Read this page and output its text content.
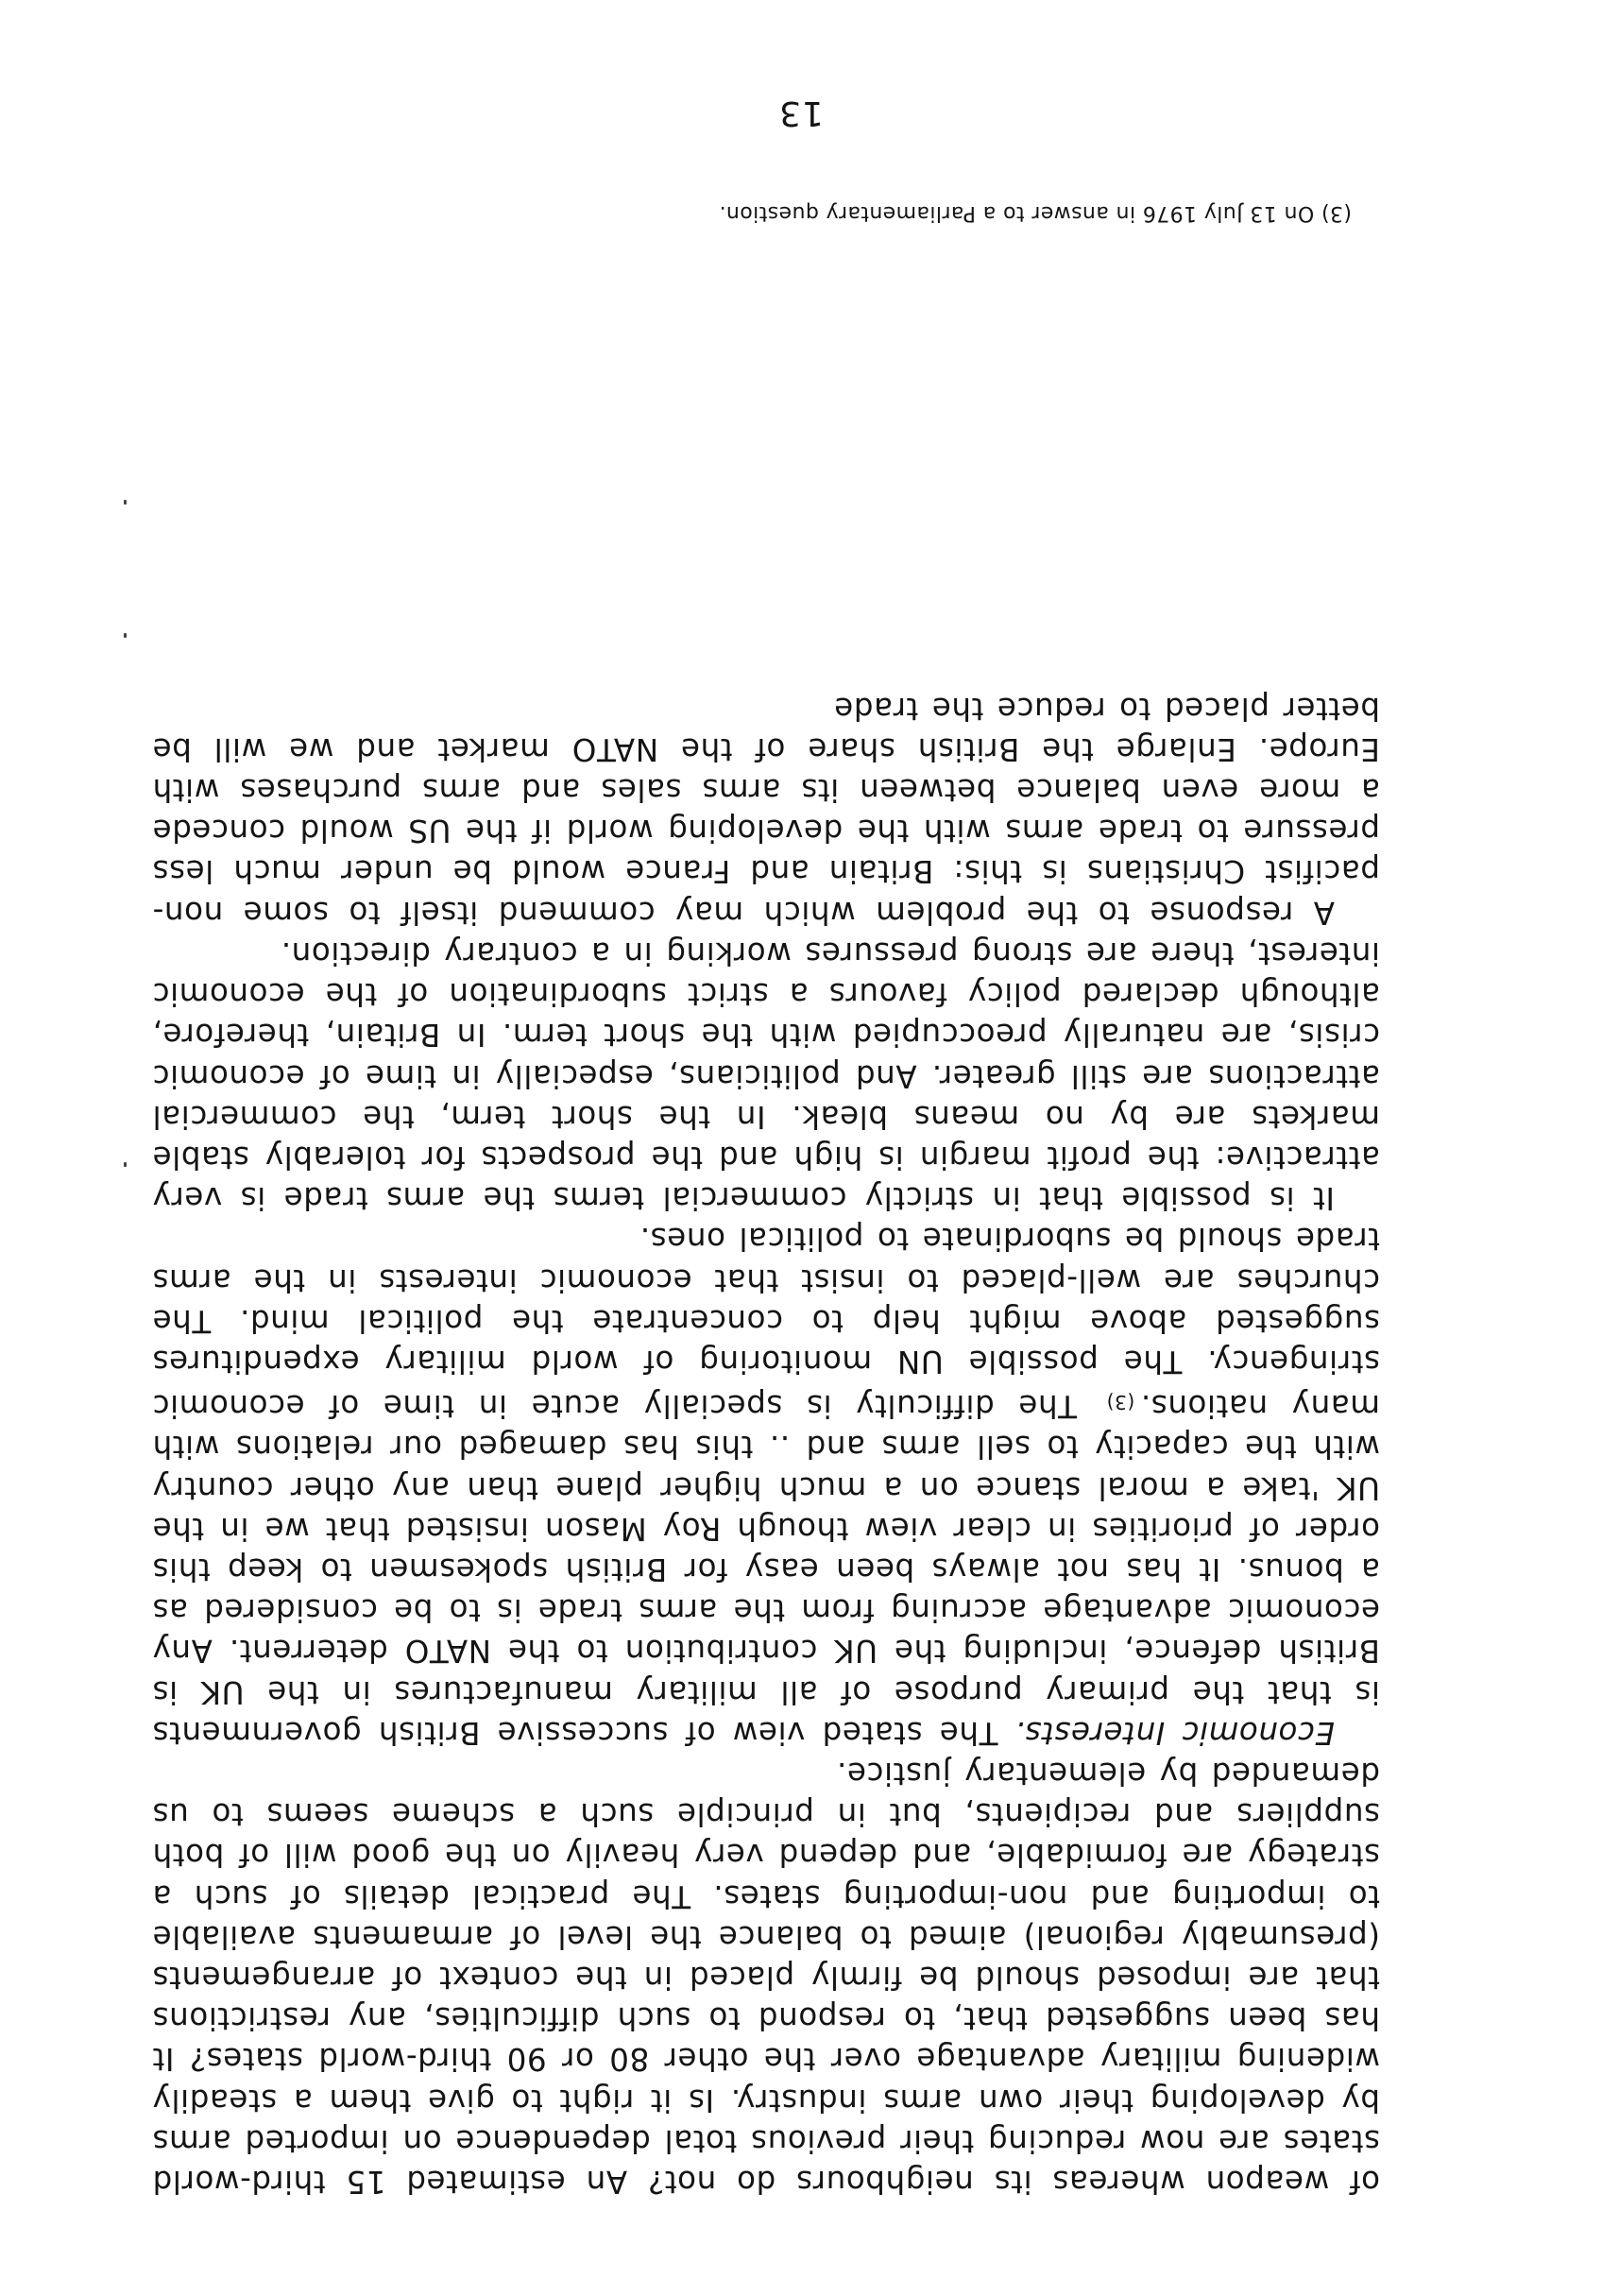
of weapon whereas its neighbours do not? An estimated 15 third-world states are now reducing their previous total dependence on imported arms by developing their own arms industry. Is it right to give them a steadily widening military advantage over the other 80 or 90 third-world states? It has been suggested that, to respond to such difficulties, any restrictions that are imposed should be firmly placed in the context of arrangements (presumably regional) aimed to balance the level of armaments available to importing and non-importing states. The practical details of such a strategy are formidable, and depend very heavily on the good will of both suppliers and recipients, but in principle such a scheme seems to us demanded by elementary justice.

Economic Interests. The stated view of successive British governments is that the primary purpose of all military manufactures in the UK is British defence, including the UK contribution to the NATO deterrent. Any economic advantage accruing from the arms trade is to be considered as a bonus. It has not always been easy for British spokesmen to keep this order of priorities in clear view though Roy Mason insisted that we in the UK 'take a moral stance on a much higher plane than any other country with the capacity to sell arms and .. this has damaged our relations with many nations.(3) The difficulty is specially acute in time of economic stringency. The possible UN monitoring of world military expenditures suggested above might help to concentrate the political mind. The churches are well-placed to insist that economic interests in the arms trade should be subordinate to political ones.

It is possible that in strictly commercial terms the arms trade is very attractive: the profit margin is high and the prospects for tolerably stable markets are by no means bleak. In the short term, the commercial attractions are still greater. And politicians, especially in time of economic crisis, are naturally preoccupied with the short term. In Britain, therefore, although declared policy favours a strict subordination of the economic interest, there are strong pressures working in a contrary direction.

A response to the problem which may commend itself to some non-pacifist Christians is this: Britain and France would be under much less pressure to trade arms with the developing world if the US would concede a more even balance between its arms sales and arms purchases with Europe. Enlarge the British share of the NATO market and we will be better placed to reduce the trade

(3) On 13 July 1976 in answer to a Parliamentary question.
13
